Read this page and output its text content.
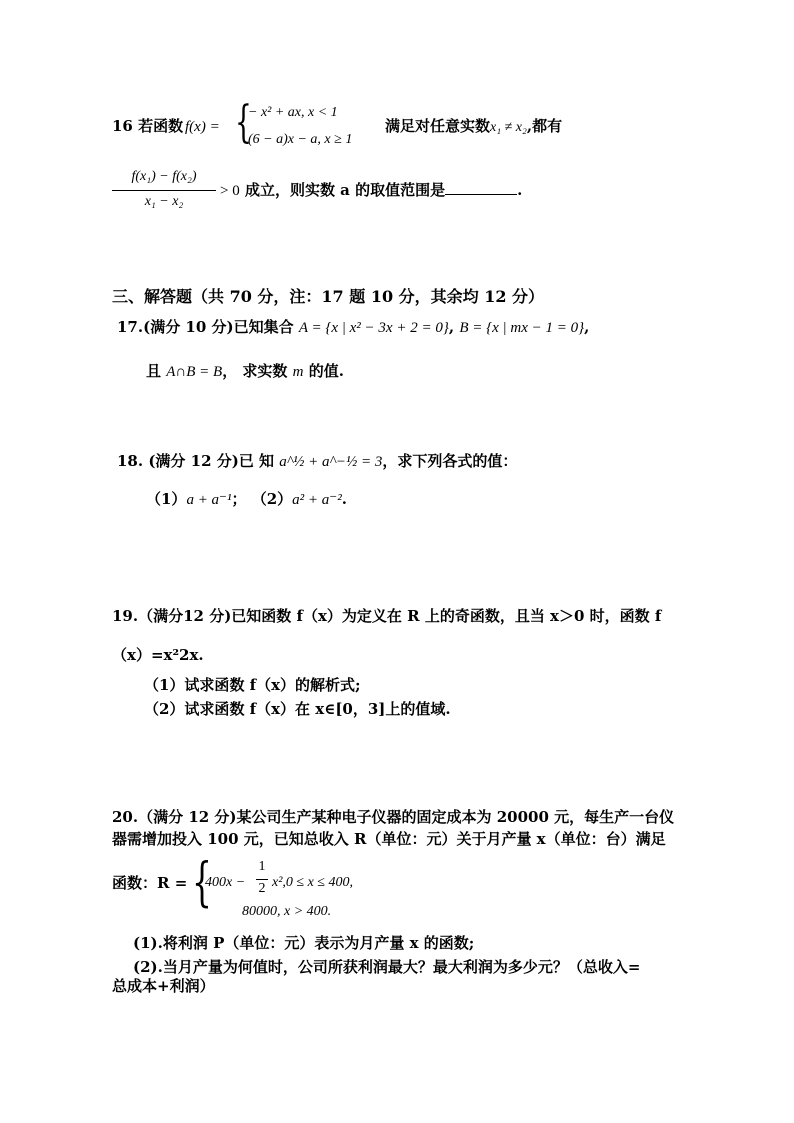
16 若函数 f(x) = {
− x² + ax, x < 1
(6 − a)x − a, x ≥ 1
满足对任意实数x₁ ≠ x₂,都有
f(x₁) − f(x₂)
x₁ − x₂
> 0 成立，则实数 a 的取值范围是	.
三、解答题（共 70 分，注：17 题 10 分，其余均 12 分）
17.(满分 10 分)已知集合 A = {x | x² − 3x + 2 = 0}, B = {x | mx − 1 = 0},
且 A∩B = B， 求实数 m 的值.
18. (满分 12 分)已 知 a^½ + a^−½ = 3，求下列各式的值：
（1）a + a⁻¹； （2）a² + a⁻².
19.（满分12 分)已知函数 f（x）为定义在 R 上的奇函数，且当 x＞0 时，函数 f
（x）=x²2x.
（1）试求函数 f（x）的解析式;
（2）试求函数 f（x）在 x∈[0，3]上的值域.
20.（满分 12 分)某公司生产某种电子仪器的固定成本为 20000 元，每生产一台仪
器需增加投入 100 元，已知总收入 R（单位：元）关于月产量 x（单位：台）满足
函数：R = {
400x −
1
2 x²,0 ≤ x ≤ 400,
80000, x > 400.
(1).将利润 P（单位：元）表示为月产量 x 的函数;
(2).当月产量为何值时，公司所获利润最大？最大利润为多少元？（总收入=
总成本+利润）
